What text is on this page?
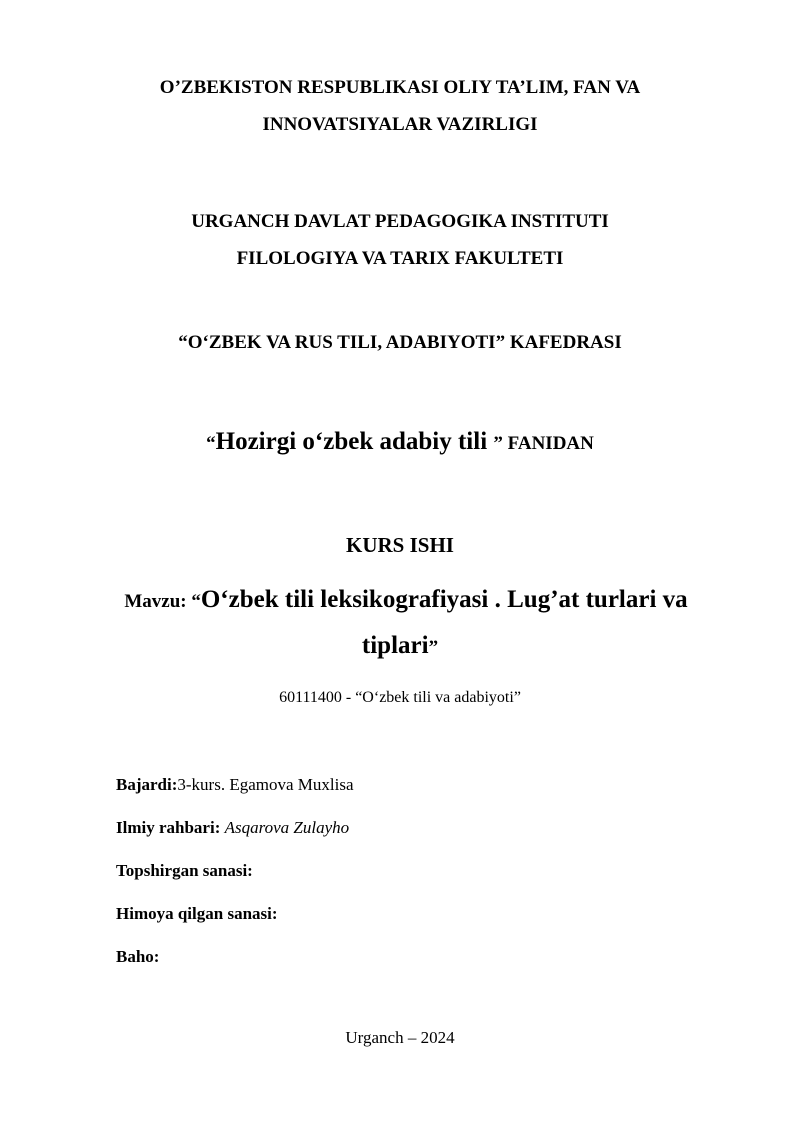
O’ZBEKISTON RESPUBLIKASI OLIY TA’LIM, FAN VA
INNOVATSIYALAR VAZIRLIGI
URGANCH DAVLAT PEDAGOGIKA INSTITUTI
FILOLOGIYA VA TARIX FAKULTETI
“O‘ZBEK VA RUS TILI, ADABIYOTI” KAFEDRASI
“Hozirgi o‘zbek adabiy tili ” FANIDAN
KURS ISHI
Mavzu: “O‘zbek tili leksikografiyasi . Lug’at turlari va
tiplari”
60111400 - “O‘zbek tili va adabiyoti”
Bajardi:3-kurs. Egamova Muxlisa
Ilmiy rahbari: Asqarova Zulayho
Topshirgan sanasi:
Himoya qilgan sanasi:
Baho:
Urganch – 2024
